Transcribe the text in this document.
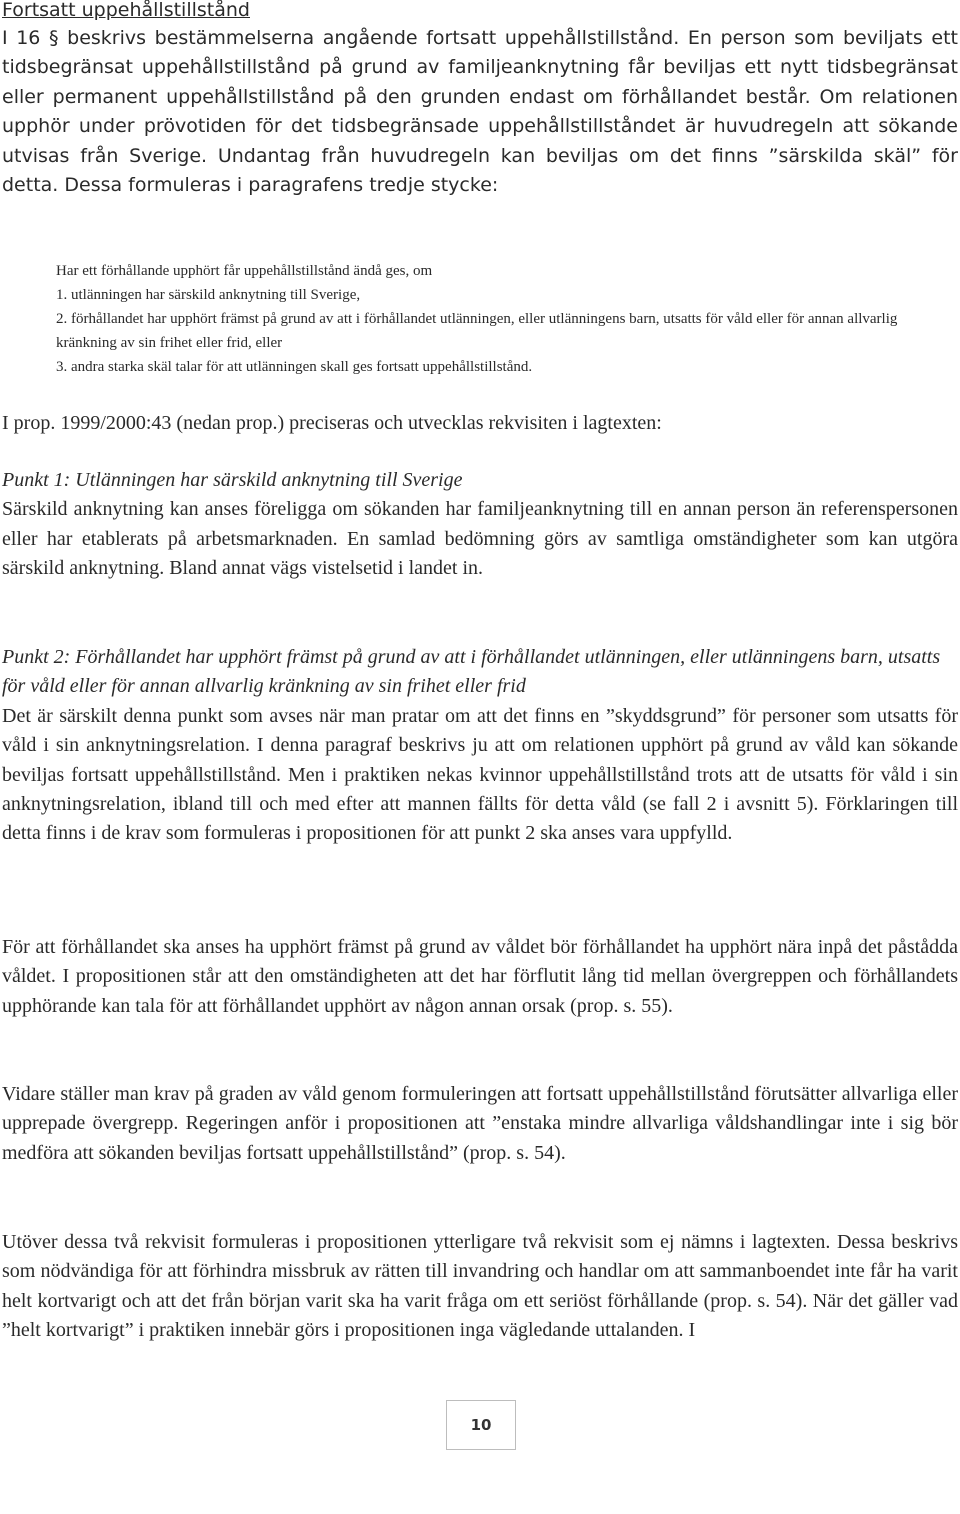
Fortsatt uppehållstillstånd

I 16 § beskrivs bestämmelserna angående fortsatt uppehållstillstånd. En person som beviljats ett tidsbegränsat uppehållstillstånd på grund av familjeanknytning får beviljas ett nytt tidsbegränsat eller permanent uppehållstillstånd på den grunden endast om förhållandet består. Om relationen upphör under prövotiden för det tidsbegränsade uppehållstillståndet är huvudregeln att sökande utvisas från Sverige. Undantag från huvudregeln kan beviljas om det finns ”särskilda skäl” för detta. Dessa formuleras i paragrafens tredje stycke:

Har ett förhållande upphört får uppehållstillstånd ändå ges, om

1. utlänningen har särskild anknytning till Sverige,

2. förhållandet har upphört främst på grund av att i förhållandet utlänningen, eller utlänningens barn, utsatts för våld eller för annan allvarlig kränkning av sin frihet eller frid, eller

3. andra starka skäl talar för att utlänningen skall ges fortsatt uppehållstillstånd.

I prop. 1999/2000:43 (nedan prop.) preciseras och utvecklas rekvisiten i lagtexten:

Punkt 1: Utlänningen har särskild anknytning till Sverige
Särskild anknytning kan anses föreligga om sökanden har familjeanknytning till en annan person än referenspersonen eller har etablerats på arbetsmarknaden. En samlad bedömning görs av samtliga omständigheter som kan utgöra särskild anknytning. Bland annat vägs vistelsetid i landet in.
Punkt 2: Förhållandet har upphört främst på grund av att i förhållandet utlänningen, eller utlänningens barn, utsatts för våld eller för annan allvarlig kränkning av sin frihet eller frid
Det är särskilt denna punkt som avses när man pratar om att det finns en ”skyddsgrund” för personer som utsatts för våld i sin anknytningsrelation. I denna paragraf beskrivs ju att om relationen upphört på grund av våld kan sökande beviljas fortsatt uppehållstillstånd. Men i praktiken nekas kvinnor uppehållstillstånd trots att de utsatts för våld i sin anknytningsrelation, ibland till och med efter att mannen fällts för detta våld (se fall 2 i avsnitt 5). Förklaringen till detta finns i de krav som formuleras i propositionen för att punkt 2 ska anses vara uppfylld.

För att förhållandet ska anses ha upphört främst på grund av våldet bör förhållandet ha upphört nära inpå det påstådda våldet. I propositionen står att den omständigheten att det har förflutit lång tid mellan övergreppen och förhållandets upphörande kan tala för att förhållandet upphört av någon annan orsak (prop. s. 55).

Vidare ställer man krav på graden av våld genom formuleringen att fortsatt uppehållstillstånd förutsätter allvarliga eller upprepade övergrepp. Regeringen anför i propositionen att ”enstaka mindre allvarliga våldshandlingar inte i sig bör medföra att sökanden beviljas fortsatt uppehållstillstånd” (prop. s. 54).

Utöver dessa två rekvisit formuleras i propositionen ytterligare två rekvisit som ej nämns i lagtexten. Dessa beskrivs som nödvändiga för att förhindra missbruk av rätten till invandring och handlar om att sammanboendet inte får ha varit helt kortvarigt och att det från början varit ska ha varit fråga om ett seriöst förhållande (prop. s. 54). När det gäller vad ”helt kortvarigt” i praktiken innebär görs i propositionen inga vägledande uttalanden. I

10
